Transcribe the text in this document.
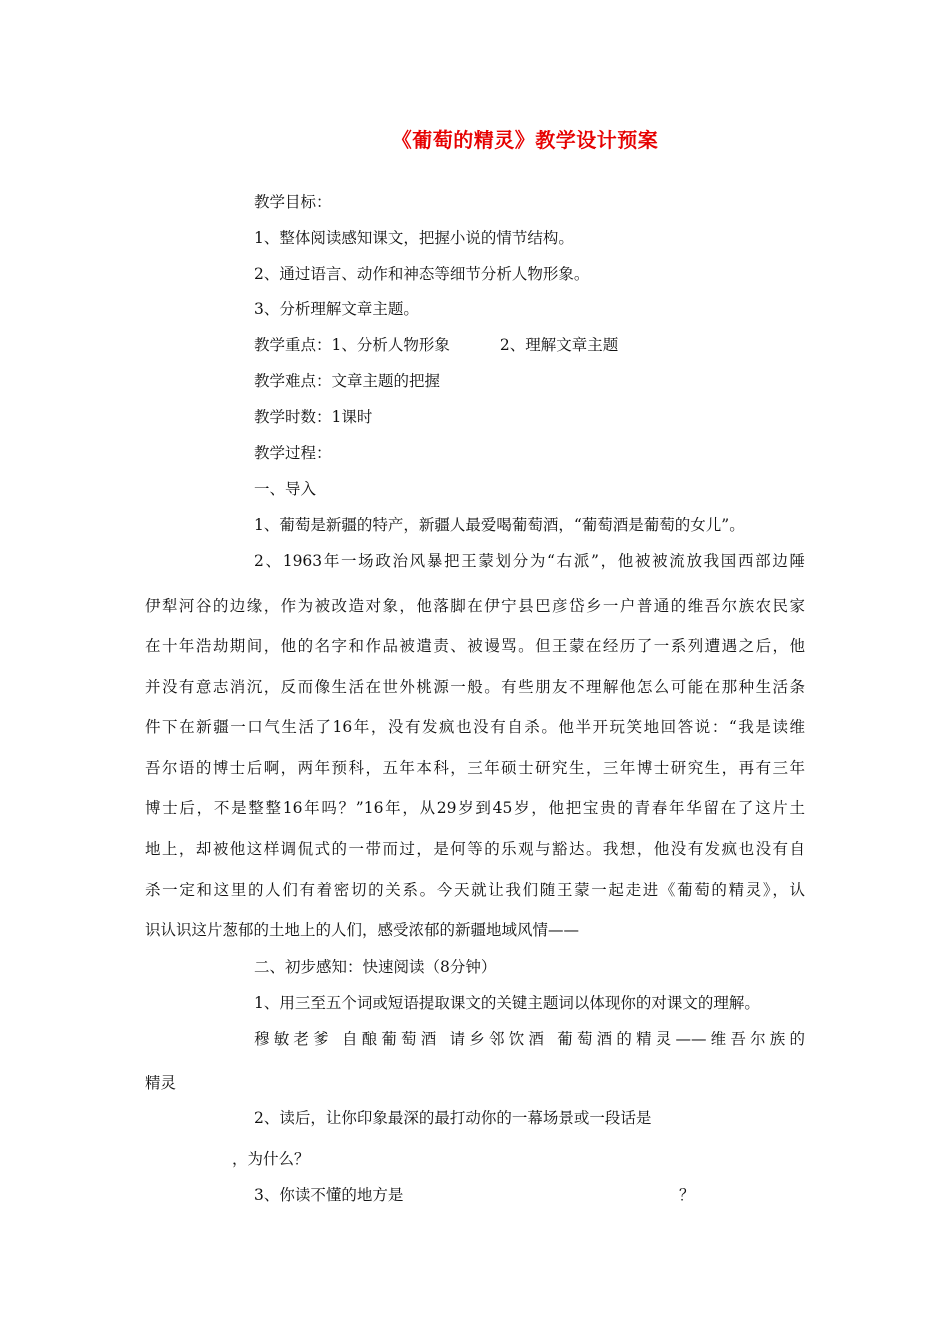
《葡萄的精灵》教学设计预案
教学目标：
1、整体阅读感知课文，把握小说的情节结构。
2、通过语言、动作和神态等细节分析人物形象。
3、分析理解文章主题。
教学重点：1、分析人物形象	2、理解文章主题
教学难点：文章主题的把握
教学时数：1课时
教学过程：
一、导入
1、葡萄是新疆的特产，新疆人最爱喝葡萄酒，“葡萄酒是葡萄的女儿”。
2、1963年一场政治风暴把王蒙划分为“右派”，他被被流放我国西部边陲
伊犁河谷的边缘，作为被改造对象，他落脚在伊宁县巴彦岱乡一户普通的维吾尔族农民家
在十年浩劫期间，他的名字和作品被遣责、被谩骂。但王蒙在经历了一系列遭遇之后，他
并没有意志消沉，反而像生活在世外桃源一般。有些朋友不理解他怎么可能在那种生活条
件下在新疆一口气生活了16年，没有发疯也没有自杀。他半开玩笑地回答说：“我是读维
吾尔语的博士后啊，两年预科，五年本科，三年硕士研究生，三年博士研究生，再有三年
博士后，不是整整16年吗？”16年，从29岁到45岁，他把宝贵的青春年华留在了这片土
地上，却被他这样调侃式的一带而过，是何等的乐观与豁达。我想，他没有发疯也没有自
杀一定和这里的人们有着密切的关系。今天就让我们随王蒙一起走进《葡萄的精灵》，认
识认识这片葱郁的土地上的人们，感受浓郁的新疆地域风情——
二、初步感知：快速阅读（8分钟）
1、用三至五个词或短语提取课文的关键主题词以体现你的对课文的理解。
穆敏老爹 自酿葡萄酒 请乡邻饮酒 葡萄酒的精灵——维吾尔族的
精灵
2、读后，让你印象最深的最打动你的一幕场景或一段话是
，为什么？
3、你读不懂的地方是	？
